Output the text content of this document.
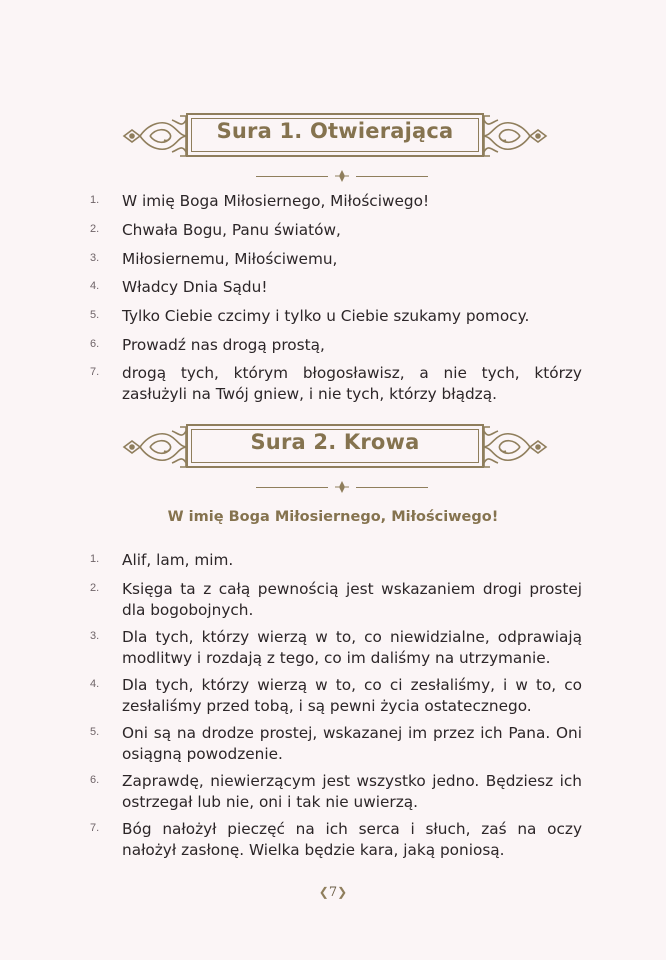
Sura 1. Otwierająca
1. W imię Boga Miłosiernego, Miłościwego!
2. Chwała Bogu, Panu światów,
3. Miłosiernemu, Miłościwemu,
4. Władcy Dnia Sądu!
5. Tylko Ciebie czcimy i tylko u Ciebie szukamy pomocy.
6. Prowadź nas drogą prostą,
7. drogą tych, którym błogosławisz, a nie tych, którzy zasłużyli na Twój gniew, i nie tych, którzy błądzą.
Sura 2. Krowa
W imię Boga Miłosiernego, Miłościwego!
1. Alif, lam, mim.
2. Księga ta z całą pewnością jest wskazaniem drogi prostej dla bogobojnych.
3. Dla tych, którzy wierzą w to, co niewidzialne, odprawiają modlitwy i rozdają z tego, co im daliśmy na utrzymanie.
4. Dla tych, którzy wierzą w to, co ci zesłaliśmy, i w to, co zesłaliśmy przed tobą, i są pewni życia ostatecznego.
5. Oni są na drodze prostej, wskazanej im przez ich Pana. Oni osiągną powodzenie.
6. Zaprawdę, niewierzącym jest wszystko jedno. Będziesz ich ostrzegał lub nie, oni i tak nie uwierzą.
7. Bóg nałożył pieczęć na ich serca i słuch, zaś na oczy nałożył zasłonę. Wielka będzie kara, jaką poniosą.
❮7❯
